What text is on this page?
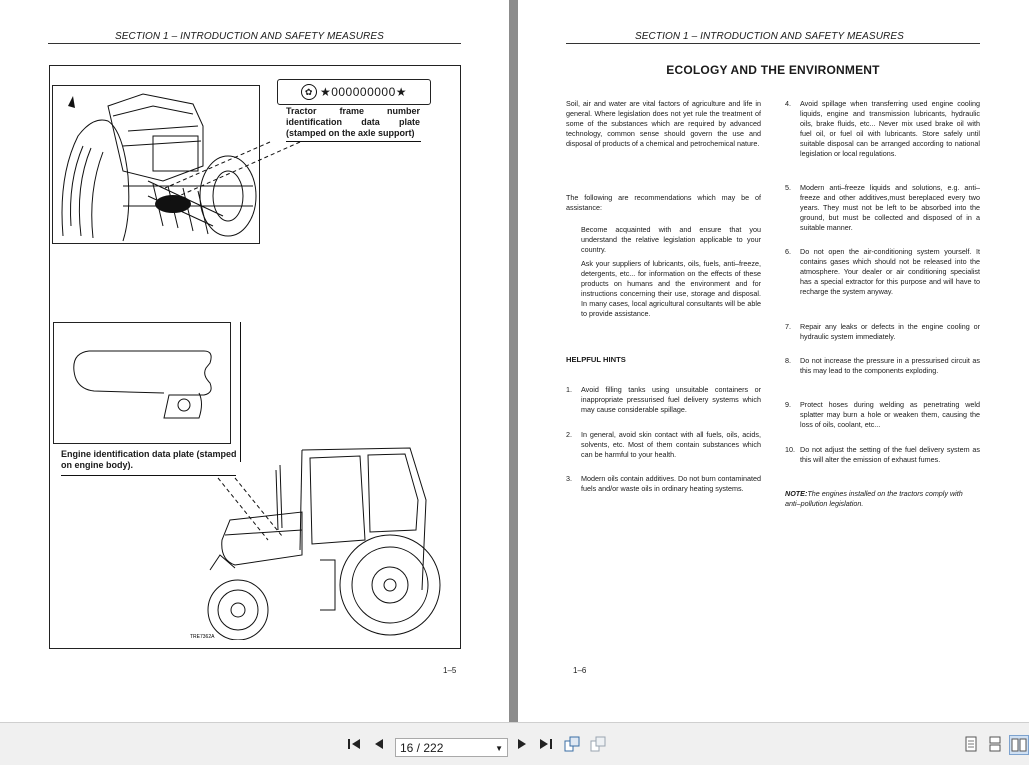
SECTION 1 – INTRODUCTION AND SAFETY MEASURES
✿ ★000000000★
Tractor frame number identification data plate (stamped on the axle support)
Engine identification data plate (stamped on engine body).
TRE7362A
1–5
SECTION 1 – INTRODUCTION AND SAFETY MEASURES
ECOLOGY AND THE ENVIRONMENT
Soil, air and water are vital factors of agriculture and life in general. Where legislation does not yet rule the treatment of some of the substances which are required by advanced technology, common sense should govern the use and disposal of products of a chemical and petrochemical nature.
The following are recommendations which may be of assistance:
Become acquainted with and ensure that you understand the relative legislation applicable to your country.
Ask your suppliers of lubricants, oils, fuels, anti–freeze, detergents, etc... for information on the effects of these products on humans and the environment and for instructions concerning their use, storage and disposal. In many cases, local agricultural consultants will be able to provide assistance.
HELPFUL HINTS
1. Avoid filling tanks using unsuitable containers or inappropriate pressurised fuel delivery systems which may cause considerable spillage.
2. In general, avoid skin contact with all fuels, oils, acids, solvents, etc. Most of them contain substances which can be harmful to your health.
3. Modern oils contain additives. Do not burn contaminated fuels and/or waste oils in ordinary heating systems.
4. Avoid spillage when transferring used engine cooling liquids, engine and transmission lubricants, hydraulic oils, brake fluids, etc... Never mix used brake oil with fuel oil, or fuel oil with lubricants. Store safely until suitable disposal can be arranged according to national legislation or local regulations.
5. Modern anti–freeze liquids and solutions, e.g. anti–freeze and other additives,must bereplaced every two years. They must not be left to be absorbed into the ground, but must be collected and disposed of in a suitable manner.
6. Do not open the air-conditioning system yourself. It contains gases which should not be released into the atmosphere. Your dealer or air conditioning specialist has a special extractor for this purpose and will have to recharge the system anyway.
7. Repair any leaks or defects in the engine cooling or hydraulic system immediately.
8. Do not increase the pressure in a pressurised circuit as this may lead to the components exploding.
9. Protect hoses during welding as penetrating weld splatter may burn a hole or weaken them, causing the loss of oils, coolant, etc...
10. Do not adjust the setting of the fuel delivery system as this will alter the emission of exhaust fumes.
NOTE:The engines installed on the tractors comply with anti–pollution legislation.
1–6
16 / 222	▼
